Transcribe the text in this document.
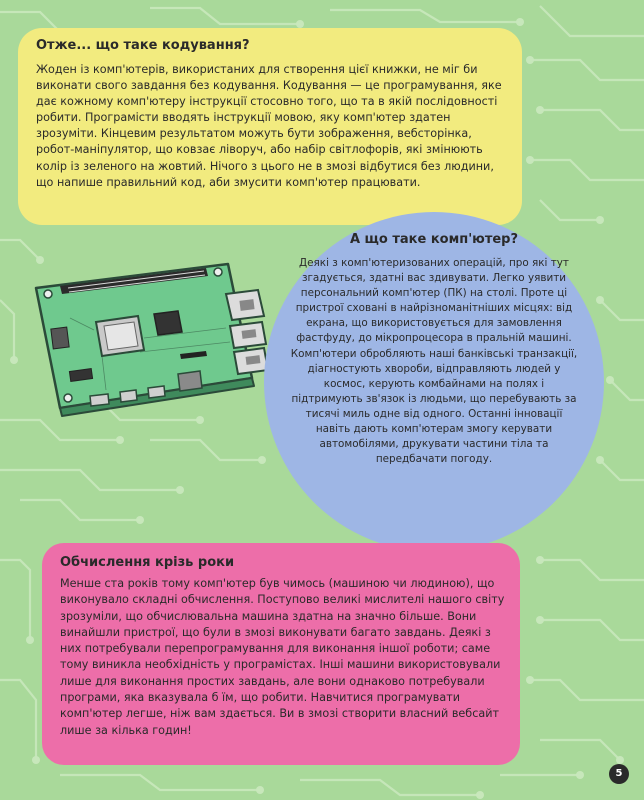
Отже... що таке кодування?
Жоден із комп'ютерів, використаних для створення цієї книжки, не міг би виконати свого завдання без кодування. Кодування — це програмування, яке дає кожному комп'ютеру інструкції стосовно того, що та в якій послідовності робити. Програмісти вводять інструкції мовою, яку комп'ютер здатен зрозуміти. Кінцевим результатом можуть бути зображення, вебсторінка, робот-маніпулятор, що ковзає ліворуч, або набір світлофорів, які змінюють колір із зеленого на жовтий. Нічого з цього не в змозі відбутися без людини, що напише правильний код, аби змусити комп'ютер працювати.
А що таке комп'ютер?
Деякі з комп'ютеризованих операцій, про які тут згадується, здатні вас здивувати. Легко уявити персональний комп'ютер (ПК) на столі. Проте ці пристрої сховані в найрізноманітніших місцях: від екрана, що використовується для замовлення фастфуду, до мікропроцесора в пральній машині. Комп'ютери обробляють наші банківські транзакції, діагностують хвороби, відправляють людей у космос, керують комбайнами на полях і підтримують зв'язок із людьми, що перебувають за тисячі миль одне від одного. Останні інновації навіть дають комп'ютерам змогу керувати автомобілями, друкувати частини тіла та передбачати погоду.
Обчислення крізь роки
Менше ста років тому комп'ютер був чимось (машиною чи людиною), що виконувало складні обчислення. Поступово великі мислителі нашого світу зрозуміли, що обчислювальна машина здатна на значно більше. Вони винайшли пристрої, що були в змозі виконувати багато завдань. Деякі з них потребували перепрограмування для виконання іншої роботи; саме тому виникла необхідність у програмістах. Інші машини використовували лише для виконання простих завдань, але вони однаково потребували програми, яка вказувала б їм, що робити. Навчитися програмувати комп'ютер легше, ніж вам здається. Ви в змозі створити власний вебсайт лише за кілька годин!
5
